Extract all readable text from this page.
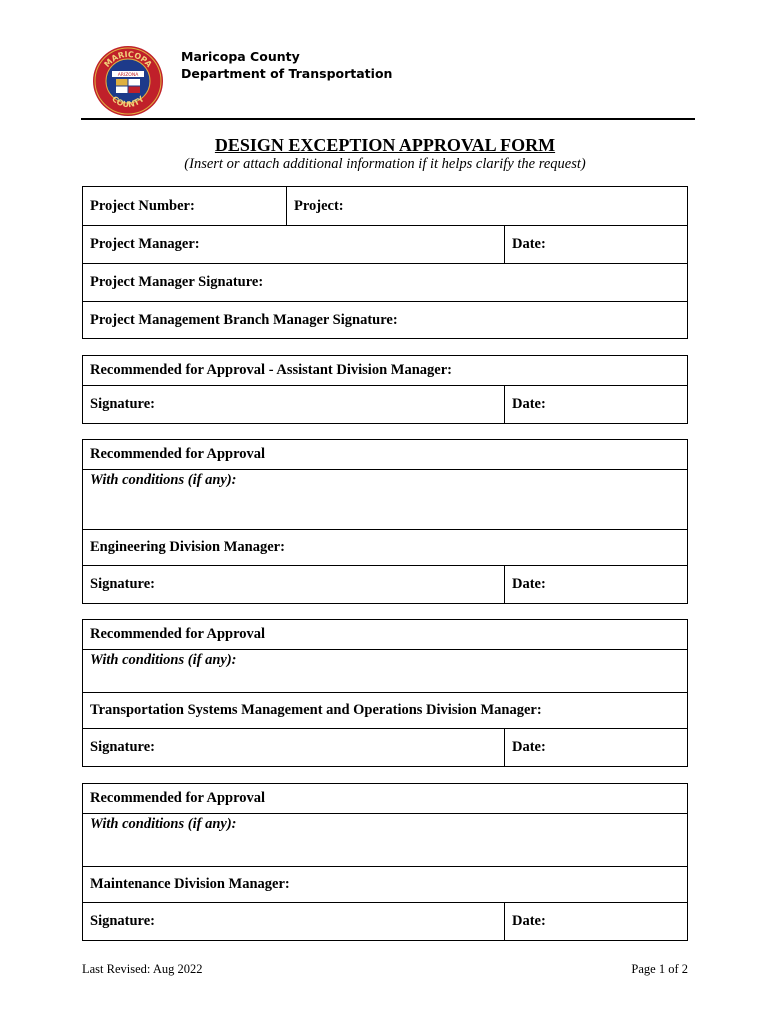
MARICOPA
COUNTY
ARIZONA
Maricopa County
Department of Transportation
DESIGN EXCEPTION APPROVAL FORM
(Insert or attach additional information if it helps clarify the request)
Project Number:	Project:
Project Manager:	Date:
Project Manager Signature:
Project Management Branch Manager Signature:
Recommended for Approval - Assistant Division Manager:
Signature:	Date:
Recommended for Approval
With conditions (if any):
Engineering Division Manager:
Signature:	Date:
Recommended for Approval
With conditions (if any):
Transportation Systems Management and Operations Division Manager:
Signature:	Date:
Recommended for Approval
With conditions (if any):
Maintenance Division Manager:
Signature:	Date:
Last Revised: Aug 2022	Page 1 of 2
